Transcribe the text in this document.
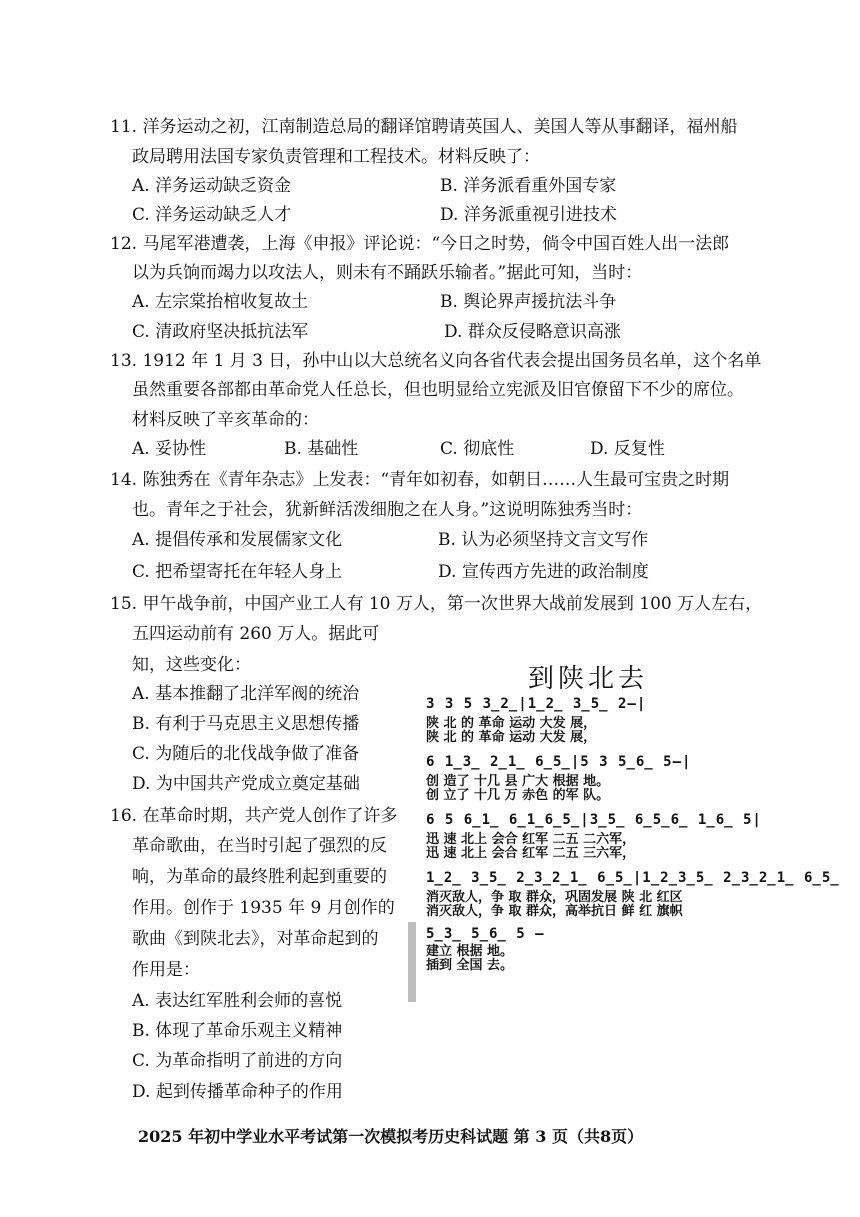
11. 洋务运动之初，江南制造总局的翻译馆聘请英国人、美国人等从事翻译，福州船
政局聘用法国专家负责管理和工程技术。材料反映了：
A. 洋务运动缺乏资金	B. 洋务派看重外国专家
C. 洋务运动缺乏人才	D. 洋务派重视引进技术
12. 马尾军港遭袭，上海《申报》评论说：“今日之时势，倘令中国百姓人出一法郎
以为兵饷而竭力以攻法人，则未有不踊跃乐输者。”据此可知，当时：
A. 左宗棠抬棺收复故土	B. 舆论界声援抗法斗争
C. 清政府坚决抵抗法军	D. 群众反侵略意识高涨
13. 1912 年 1 月 3 日，孙中山以大总统名义向各省代表会提出国务员名单，这个名单
虽然重要各部都由革命党人任总长，但也明显给立宪派及旧官僚留下不少的席位。
材料反映了辛亥革命的：
A. 妥协性	B. 基础性	C. 彻底性	D. 反复性
14. 陈独秀在《青年杂志》上发表：“青年如初春，如朝日……人生最可宝贵之时期
也。青年之于社会，犹新鲜活泼细胞之在人身。”这说明陈独秀当时：
A. 提倡传承和发展儒家文化	B. 认为必须坚持文言文写作
C. 把希望寄托在年轻人身上	D. 宣传西方先进的政治制度
15. 甲午战争前，中国产业工人有 10 万人，第一次世界大战前发展到 100 万人左右，
五四运动前有 260 万人。据此可
知，这些变化：
A. 基本推翻了北洋军阀的统治
B. 有利于马克思主义思想传播
C. 为随后的北伐战争做了准备
D. 为中国共产党成立奠定基础
16. 在革命时期，共产党人创作了许多
革命歌曲，在当时引起了强烈的反
响，为革命的最终胜利起到重要的
作用。创作于 1935 年 9 月创作的
歌曲《到陕北去》，对革命起到的
作用是：
A. 表达红军胜利会师的喜悦
B. 体现了革命乐观主义精神
C. 为革命指明了前进的方向
D. 起到传播革命种子的作用
到陕北去
3 3 5 3̲2̲|1̲2̲ 3̲5̲ 2—|
陕 北 的 革命 运动 大发 展，
陕 北 的 革命 运动 大发 展，
6 1̲3̲ 2̲1̲ 6̲5̲|5 3 5̲6̲ 5—|
创 造了 十几 县 广大 根据 地。
创 立了 十几 万 赤色 的军 队。
6 5 6̲1̲ 6̲1̲6̲5̲|3̲5̲ 6̲5̲6̲ 1̲6̲ 5|
迅 速 北上 会合 红军 二五 二六军，
迅 速 北上 会合 红军 二五 三六军，
1̲2̲ 3̲5̲ 2̲3̲2̲1̲ 6̲5̲|1̲2̲3̲5̲ 2̲3̲2̲1̲ 6̲5̲
消灭敌人，争 取 群众，巩固发展 陕 北 红区
消灭敌人，争 取 群众，高举抗日 鲜 红 旗帜
5̲3̲ 5̲6̲ 5 —
建立 根据 地。
插到 全国 去。
2025 年初中学业水平考试第一次模拟考历史科试题 第 3 页（共8页）
